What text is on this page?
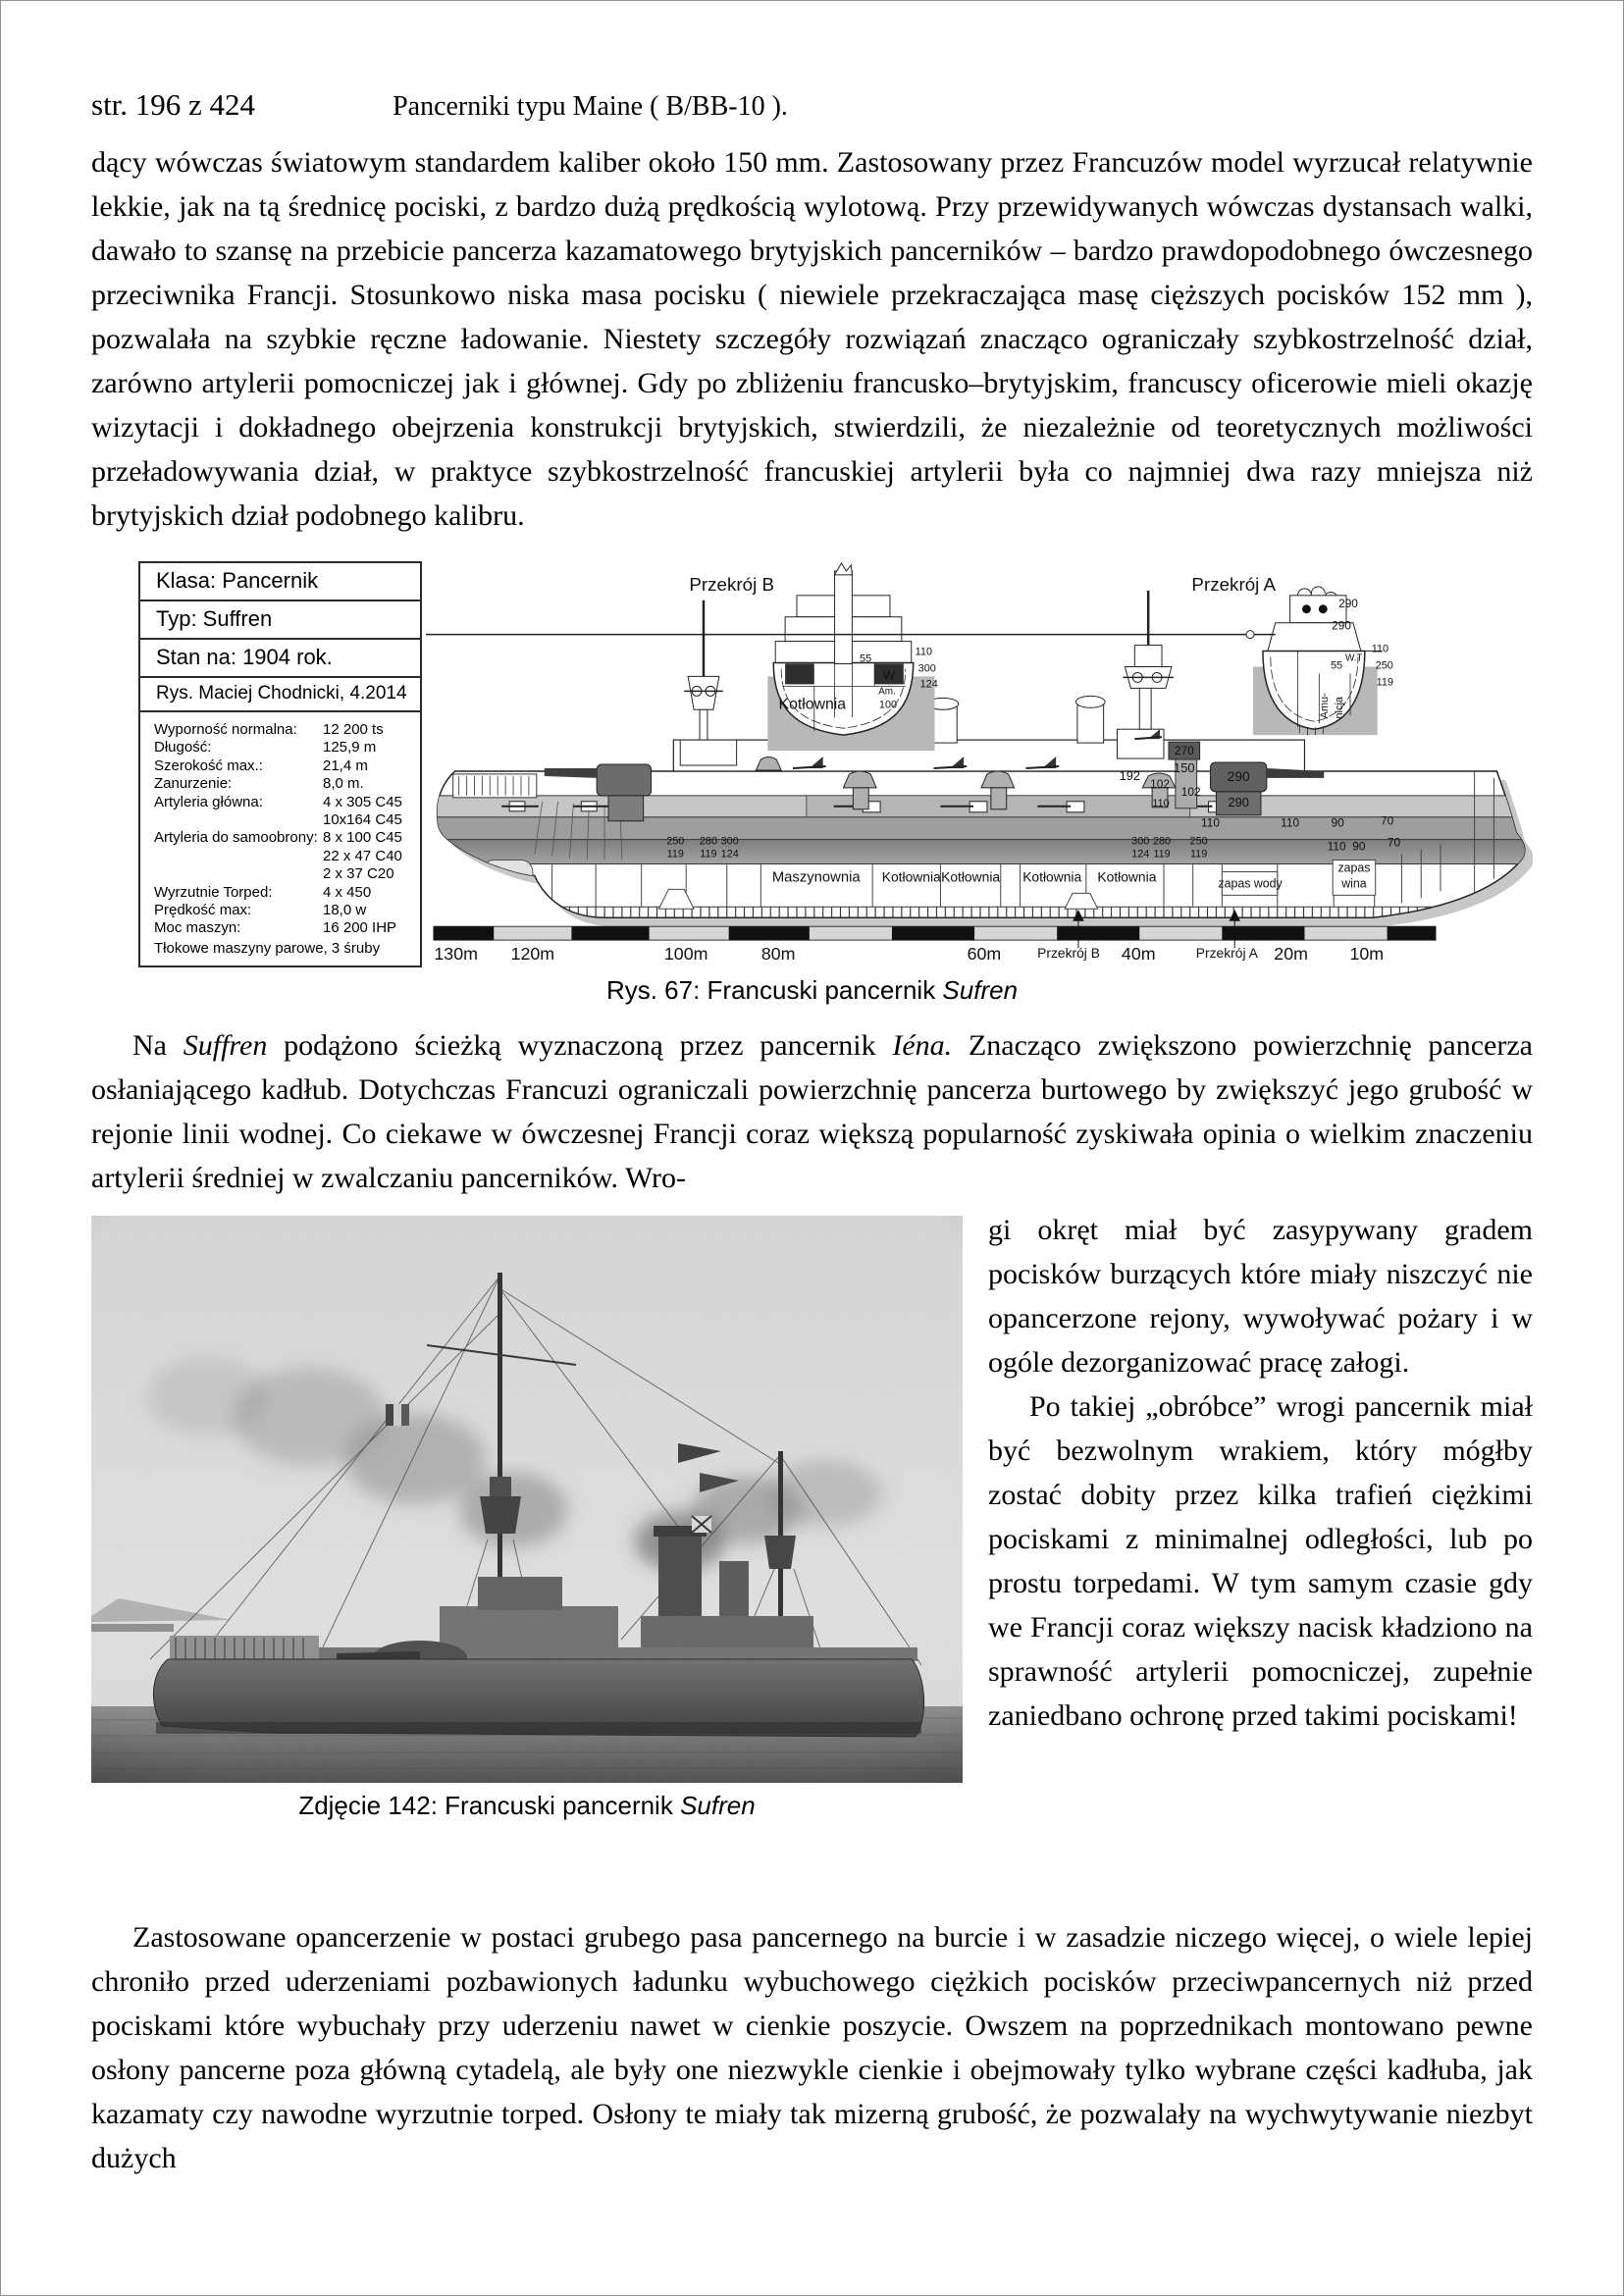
str. 196 z 424	Pancerniki typu Maine ( B/BB-10 ).

dący wówczas światowym standardem kaliber około 150 mm. Zastosowany przez Francuzów model wyrzucał relatywnie lekkie, jak na tą średnicę pociski, z bardzo dużą prędkością wylotową. Przy przewidywanych wówczas dystansach walki, dawało to szansę na przebicie pancerza kazamatowego brytyjskich pancerników – bardzo prawdopodobnego ówczesnego przeciwnika Francji. Stosunkowo niska masa pocisku ( niewiele przekraczająca masę cięższych pocisków 152 mm ), pozwalała na szybkie ręczne ładowanie. Niestety szczegóły rozwiązań znacząco ograniczały szybkostrzelność dział, zarówno artylerii pomocniczej jak i głównej. Gdy po zbliżeniu francusko–brytyjskim, francuscy oficerowie mieli okazję wizytacji i dokładnego obejrzenia konstrukcji brytyjskich, stwierdzili, że niezależnie od teoretycznych możliwości przeładowywania dział, w praktyce szybkostrzelność francuskiej artylerii była co najmniej dwa razy mniejsza niż brytyjskich dział podobnego kalibru.

Klasa: Pancernik
Typ: Suffren
Stan na: 1904 rok.
Rys. Maciej Chodnicki, 4.2014
Wyporność normalna:	12 200 ts
Długość:	125,9 m
Szerokość max.:	21,4 m
Zanurzenie:	8,0 m.
Artyleria główna:	4 x 305 C45
10x164 C45
Artyleria do samoobrony: 8 x 100 C45
22 x 47 C40
2 x 37 C20
Wyrzutnie Torped:	4 x 450
Prędkość max:	18,0 w
Moc maszyn:	16 200 IHP
Tłokowe maszyny parowe, 3 śruby
Przekrój B	Przekrój A
55
W
Am.
100
Kotłownia
110
300
124
290
290
110
W.T
55	250
119
Amu- nicja
192
102
102
110
270
150
290
290
110	110	90	70
110 90 70
250
119
280
119
300
124
300
124
280
119
250
119
Maszynownia Kotłownia Kotłownia Kotłownia Kotłownia	zapas wody
zapas
wina
130m 120m	100m	80m	60m	Przekrój B 40m	Przekrój A 20m 10m
Rys. 67: Francuski pancernik Sufren

Na Suffren podążono ścieżką wyznaczoną przez pancernik Iéna. Znacząco zwiększono powierzchnię pancerza osłaniającego kadłub. Dotychczas Francuzi ograniczali powierzchnię pancerza burtowego by zwiększyć jego grubość w rejonie linii wodnej. Co ciekawe w ówczesnej Francji coraz większą popularność zyskiwała opinia o wielkim znaczeniu artylerii średniej w zwalczaniu pancerników. Wro-

Zdjęcie 142: Francuski pancernik Sufren

gi okręt miał być zasypywany gradem pocisków burzących które miały niszczyć nie opancerzone rejony, wywoływać pożary i w ogóle dezorganizować pracę załogi.

Po takiej „obróbce” wrogi pancernik miał być bezwolnym wrakiem, który mógłby zostać dobity przez kilka trafień ciężkimi pociskami z minimalnej odległości, lub po prostu torpedami. W tym samym czasie gdy we Francji coraz większy nacisk kładziono na sprawność artylerii pomocniczej, zupełnie zaniedbano ochronę przed takimi pociskami!

Zastosowane opancerzenie w postaci grubego pasa pancernego na burcie i w zasadzie niczego więcej, o wiele lepiej chroniło przed uderzeniami pozbawionych ładunku wybuchowego ciężkich pocisków przeciwpancernych niż przed pociskami które wybuchały przy uderzeniu nawet w cienkie poszycie. Owszem na poprzednikach montowano pewne osłony pancerne poza główną cytadelą, ale były one niezwykle cienkie i obejmowały tylko wybrane części kadłuba, jak kazamaty czy nawodne wyrzutnie torped. Osłony te miały tak mizerną grubość, że pozwalały na wychwytywanie niezbyt dużych
